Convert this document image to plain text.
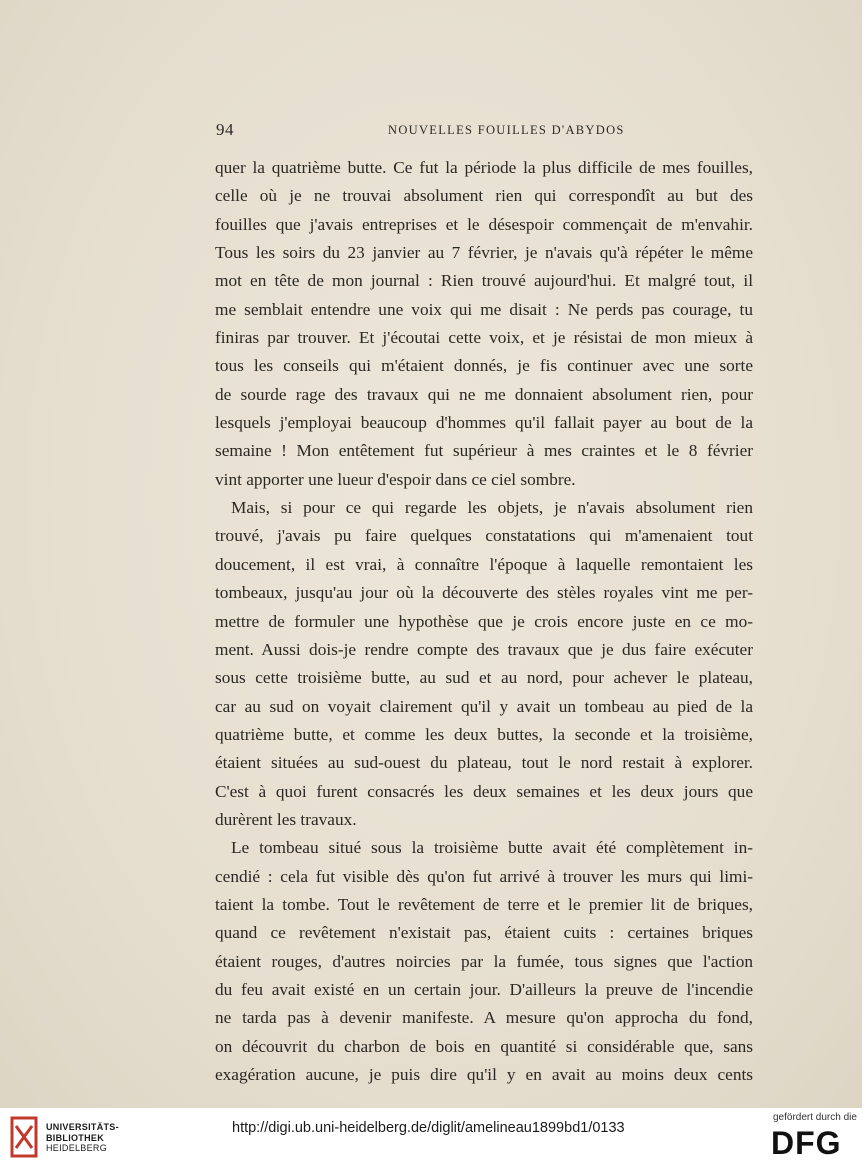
94	NOUVELLES FOUILLES D'ABYDOS
quer la quatrième butte. Ce fut la période la plus difficile de mes fouilles,
celle où je ne trouvai absolument rien qui correspondît au but des
fouilles que j'avais entreprises et le désespoir commençait de m'envahir.
Tous les soirs du 23 janvier au 7 février, je n'avais qu'à répéter le même
mot en tête de mon journal : Rien trouvé aujourd'hui. Et malgré tout, il
me semblait entendre une voix qui me disait : Ne perds pas courage, tu
finiras par trouver. Et j'écoutai cette voix, et je résistai de mon mieux à
tous les conseils qui m'étaient donnés, je fis continuer avec une sorte
de sourde rage des travaux qui ne me donnaient absolument rien, pour
lesquels j'employai beaucoup d'hommes qu'il fallait payer au bout de la
semaine ! Mon entêtement fut supérieur à mes craintes et le 8 février
vint apporter une lueur d'espoir dans ce ciel sombre.
Mais, si pour ce qui regarde les objets, je n'avais absolument rien
trouvé, j'avais pu faire quelques constatations qui m'amenaient tout
doucement, il est vrai, à connaître l'époque à laquelle remontaient les
tombeaux, jusqu'au jour où la découverte des stèles royales vint me per-
mettre de formuler une hypothèse que je crois encore juste en ce mo-
ment. Aussi dois-je rendre compte des travaux que je dus faire exécuter
sous cette troisième butte, au sud et au nord, pour achever le plateau,
car au sud on voyait clairement qu'il y avait un tombeau au pied de la
quatrième butte, et comme les deux buttes, la seconde et la troisième,
étaient situées au sud-ouest du plateau, tout le nord restait à explorer.
C'est à quoi furent consacrés les deux semaines et les deux jours que
durèrent les travaux.
Le tombeau situé sous la troisième butte avait été complètement in-
cendié : cela fut visible dès qu'on fut arrivé à trouver les murs qui limi-
taient la tombe. Tout le revêtement de terre et le premier lit de briques,
quand ce revêtement n'existait pas, étaient cuits : certaines briques
étaient rouges, d'autres noircies par la fumée, tous signes que l'action
du feu avait existé en un certain jour. D'ailleurs la preuve de l'incendie
ne tarda pas à devenir manifeste. A mesure qu'on approcha du fond,
on découvrit du charbon de bois en quantité si considérable que, sans
exagération aucune, je puis dire qu'il y en avait au moins deux cents
UNIVERSITÄTS-
BIBLIOTHEK
HEIDELBERG
http://digi.ub.uni-heidelberg.de/diglit/amelineau1899bd1/0133
gefördert durch die
DFG
